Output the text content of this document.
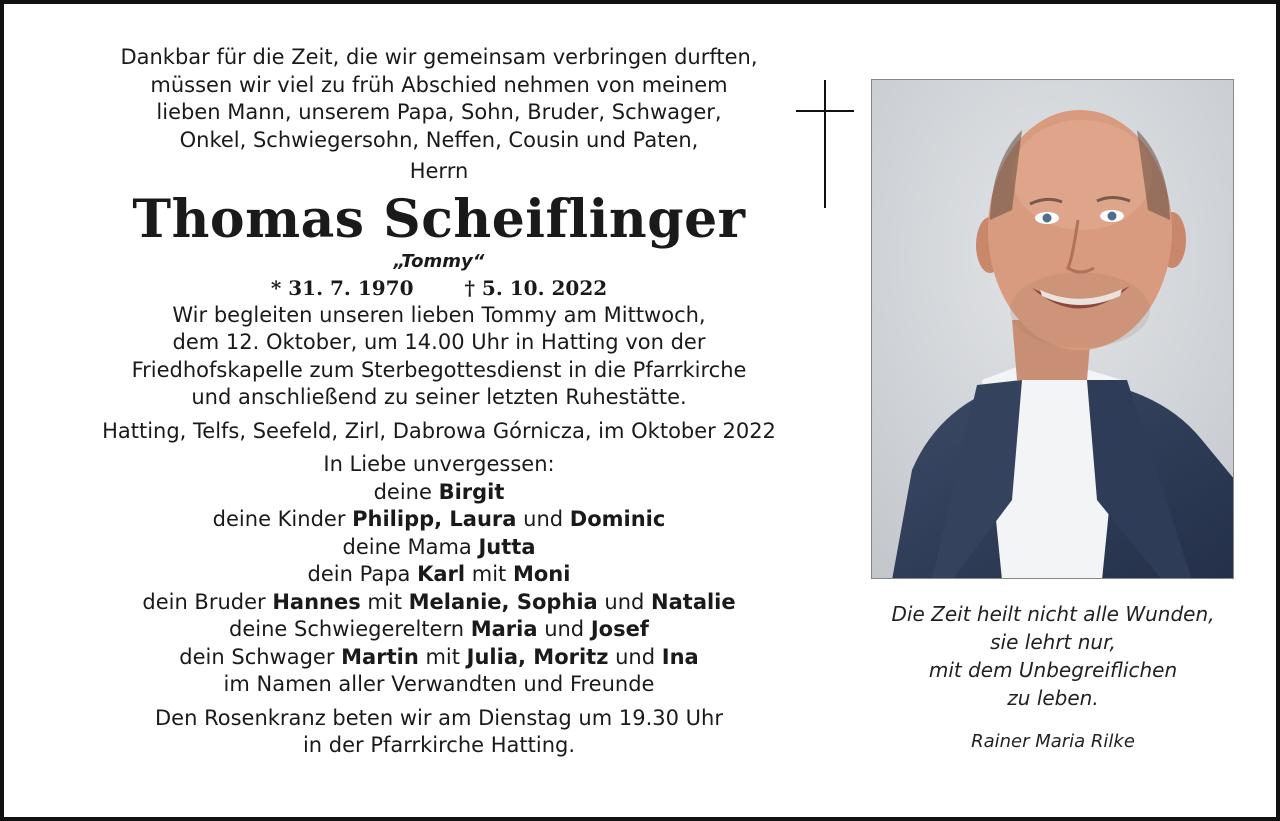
Dankbar für die Zeit, die wir gemeinsam verbringen durften,
müssen wir viel zu früh Abschied nehmen von meinem
lieben Mann, unserem Papa, Sohn, Bruder, Schwager,
Onkel, Schwiegersohn, Neffen, Cousin und Paten,
Herrn
Thomas Scheiflinger
„Tommy“
* 31. 7. 1970	† 5. 10. 2022
Wir begleiten unseren lieben Tommy am Mittwoch,
dem 12. Oktober, um 14.00 Uhr in Hatting von der
Friedhofskapelle zum Sterbegottesdienst in die Pfarrkirche
und anschließend zu seiner letzten Ruhestätte.
Hatting, Telfs, Seefeld, Zirl, Dabrowa Górnicza, im Oktober 2022
In Liebe unvergessen:
deine Birgit
deine Kinder Philipp, Laura und Dominic
deine Mama Jutta
dein Papa Karl mit Moni
dein Bruder Hannes mit Melanie, Sophia und Natalie
deine Schwiegereltern Maria und Josef
dein Schwager Martin mit Julia, Moritz und Ina
im Namen aller Verwandten und Freunde
Den Rosenkranz beten wir am Dienstag um 19.30 Uhr
in der Pfarrkirche Hatting.
Die Zeit heilt nicht alle Wunden,
sie lehrt nur,
mit dem Unbegreiflichen
zu leben.
Rainer Maria Rilke
